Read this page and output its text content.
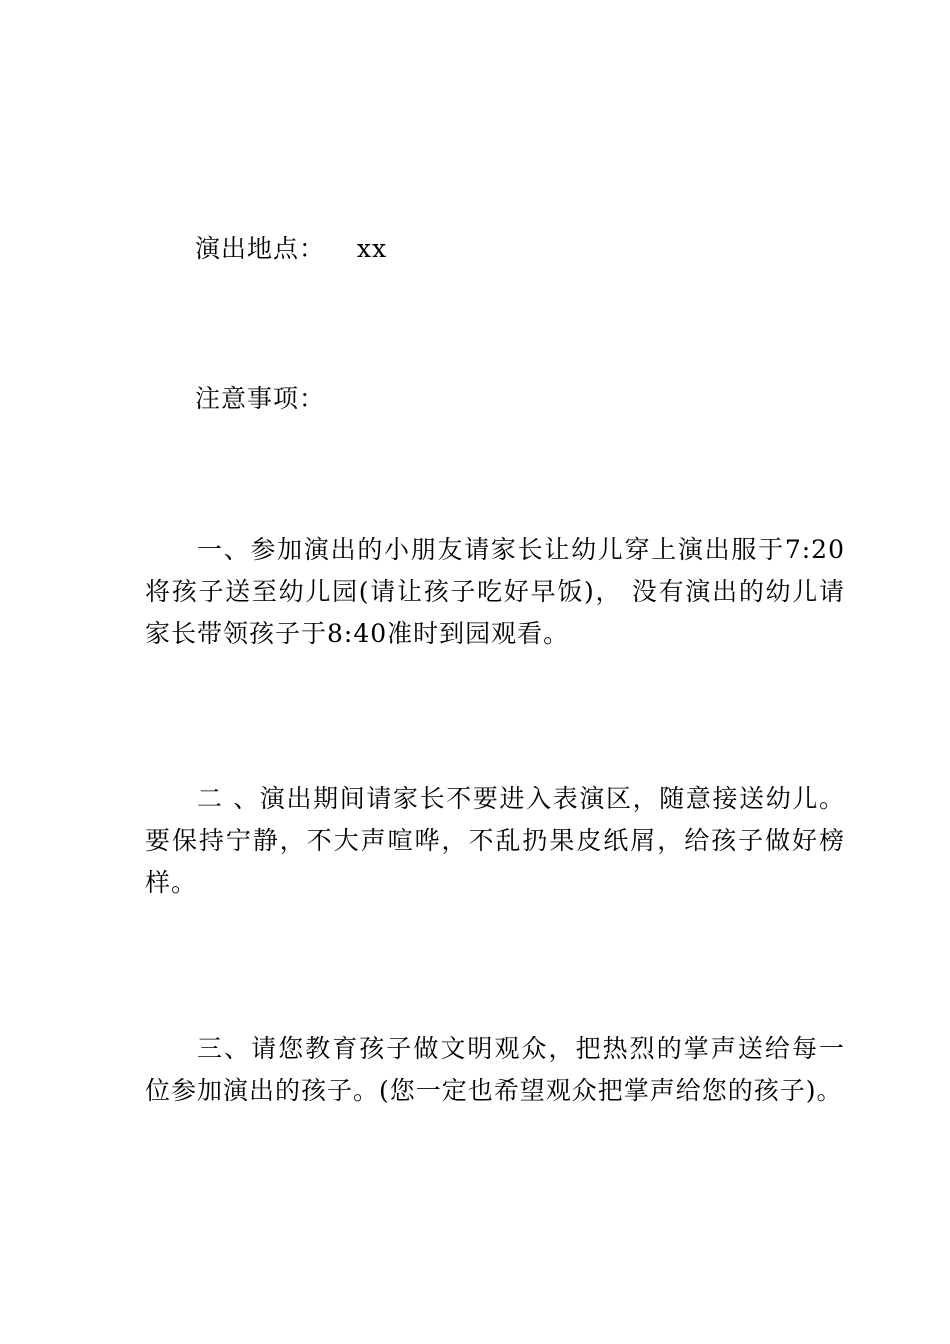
演出地点： xx
注意事项：
一、参加演出的小朋友请家长让幼儿穿上演出服于7:20将孩子送至幼儿园(请让孩子吃好早饭)， 没有演出的幼儿请家长带领孩子于8:40准时到园观看。
二 、演出期间请家长不要进入表演区，随意接送幼儿。要保持宁静，不大声喧哗，不乱扔果皮纸屑，给孩子做好榜样。
三、请您教育孩子做文明观众，把热烈的掌声送给每一位参加演出的孩子。(您一定也希望观众把掌声给您的孩子)。
